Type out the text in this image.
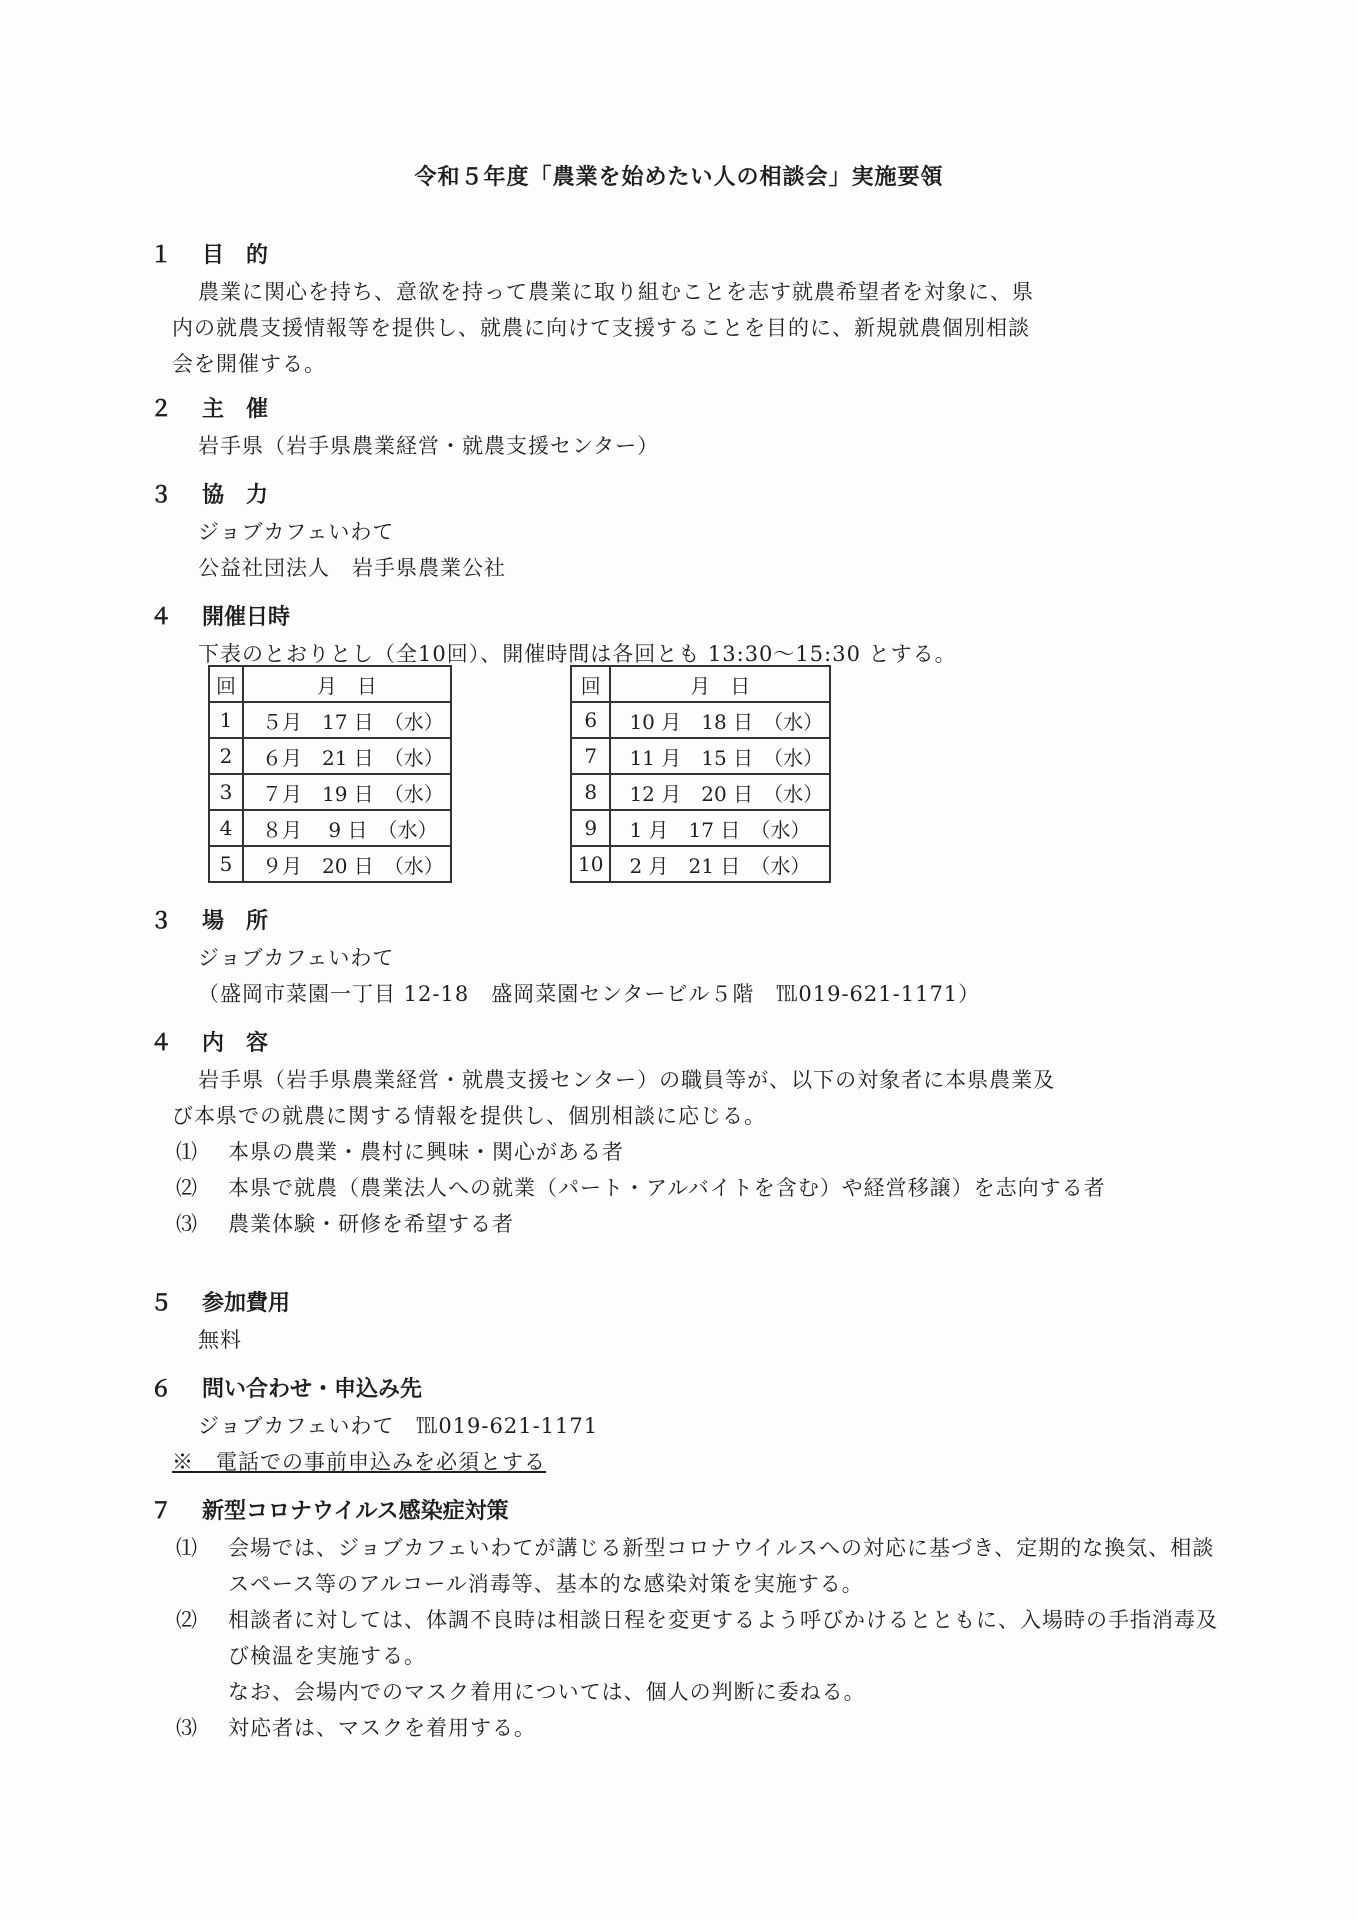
令和５年度「農業を始めたい人の相談会」実施要領
１ 目　的
農業に関心を持ち、意欲を持って農業に取り組むことを志す就農希望者を対象に、県
内の就農支援情報等を提供し、就農に向けて支援することを目的に、新規就農個別相談
会を開催する。
２ 主　催
岩手県（岩手県農業経営・就農支援センター）
３ 協　力
ジョブカフェいわて
公益社団法人　岩手県農業公社
４ 開催日時
下表のとおりとし（全10回）、開催時間は各回とも 13:30～15:30 とする。
回	月　日
1	５月　17 日　（水）
2	６月　21 日　（水）
3	７月　19 日　（水）
4	８月　 9 日　（水）
5	９月　20 日　（水）
回	月　日
6	10 月　18 日　（水）
7	11 月　15 日　（水）
8	12 月　20 日　（水）
9	1 月　17 日　（水）
10	2 月　21 日　（水）
３ 場　所
ジョブカフェいわて
（盛岡市菜園一丁目 12-18　盛岡菜園センタービル５階　℡019-621-1171）
４ 内　容
岩手県（岩手県農業経営・就農支援センター）の職員等が、以下の対象者に本県農業及
び本県での就農に関する情報を提供し、個別相談に応じる。
⑴	本県の農業・農村に興味・関心がある者
⑵	本県で就農（農業法人への就業（パート・アルバイトを含む）や経営移譲）を志向する者
⑶	農業体験・研修を希望する者
５ 参加費用
無料
６ 問い合わせ・申込み先
ジョブカフェいわて　℡019-621-1171
※　電話での事前申込みを必須とする
７ 新型コロナウイルス感染症対策
⑴	会場では、ジョブカフェいわてが講じる新型コロナウイルスへの対応に基づき、定期的な換気、相談スペース等のアルコール消毒等、基本的な感染対策を実施する。
⑵	相談者に対しては、体調不良時は相談日程を変更するよう呼びかけるとともに、入場時の手指消毒及び検温を実施する。
なお、会場内でのマスク着用については、個人の判断に委ねる。
⑶	対応者は、マスクを着用する。
